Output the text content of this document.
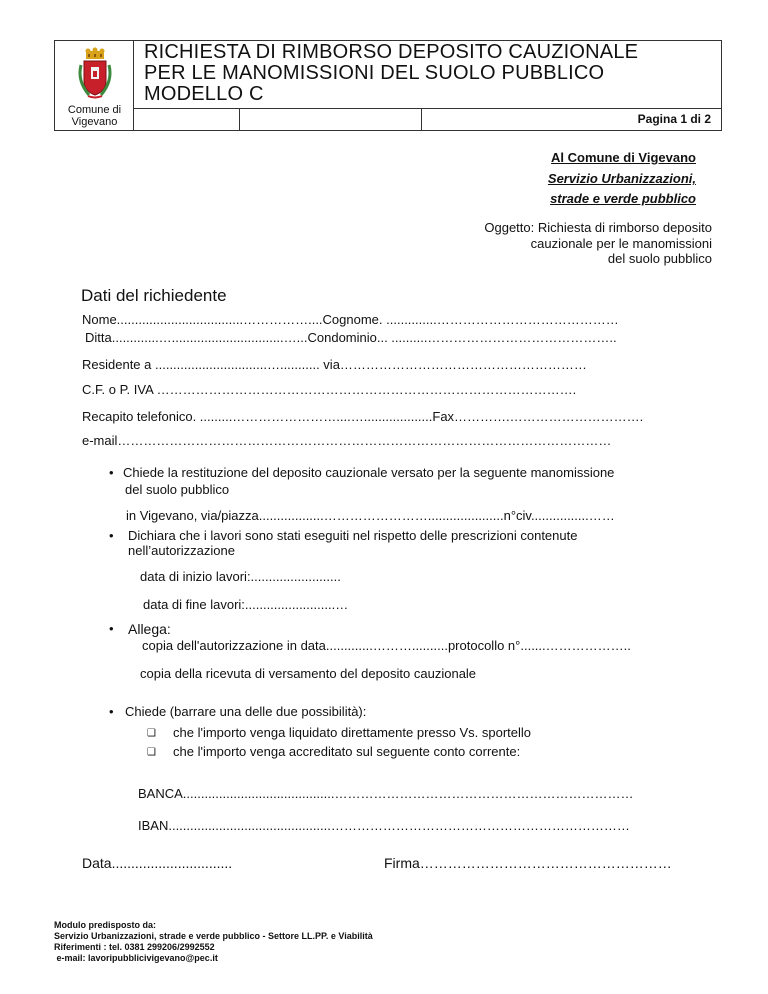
Comune di
Vigevano
RICHIESTA DI RIMBORSO DEPOSITO CAUZIONALE
PER LE MANOMISSIONI DEL SUOLO PUBBLICO
MODELLO C
Pagina 1 di 2
Al Comune di Vigevano
Servizio Urbanizzazioni,
strade e verde pubblico
Oggetto: Richiesta di rimborso deposito
cauzionale per le manomissioni
del suolo pubblico
Dati del richiedente
Nome...................................……………....Cognome. ..............……………………………………
Ditta.............…...............................…...Condominio... ..........……………………………………..
Residente a ...............................…........... via…………………………………………………
C.F. o P. IVA …………………………………………………………………………………….
Recapito telefonico. .........……………………....…...................Fax………….………………………….
e-mail……………………………………………………………………………………………………
• Chiede la restituzione del deposito cauzionale versato per la seguente manomissione
del suolo pubblico
in Vigevano, via/piazza..................…………………….....................n°civ................……
• Dichiara che i lavori sono stati eseguiti nel rispetto delle prescrizioni contenute
nell’autorizzazione
data di inizio lavori:.........................
data di fine lavori:.........................…
• Allega:
copia dell'autorizzazione in data.............………..........protocollo n°.......………………..
copia della ricevuta di versamento del deposito cauzionale
• Chiede (barrare una delle due possibilità):
❑ che l'importo venga liquidato direttamente presso Vs. sportello
❑ che l'importo venga accreditato sul seguente conto corrente:
BANCA..........................................……………………………………………………………
IBAN.............................................……………………………………………………………
Data...............................	Firma………………………………………………
Modulo predisposto da:
Servizio Urbanizzazioni, strade e verde pubblico - Settore LL.PP. e Viabilità
Riferimenti : tel. 0381 299206/2992552
e-mail: lavoripubblicivigevano@pec.it
